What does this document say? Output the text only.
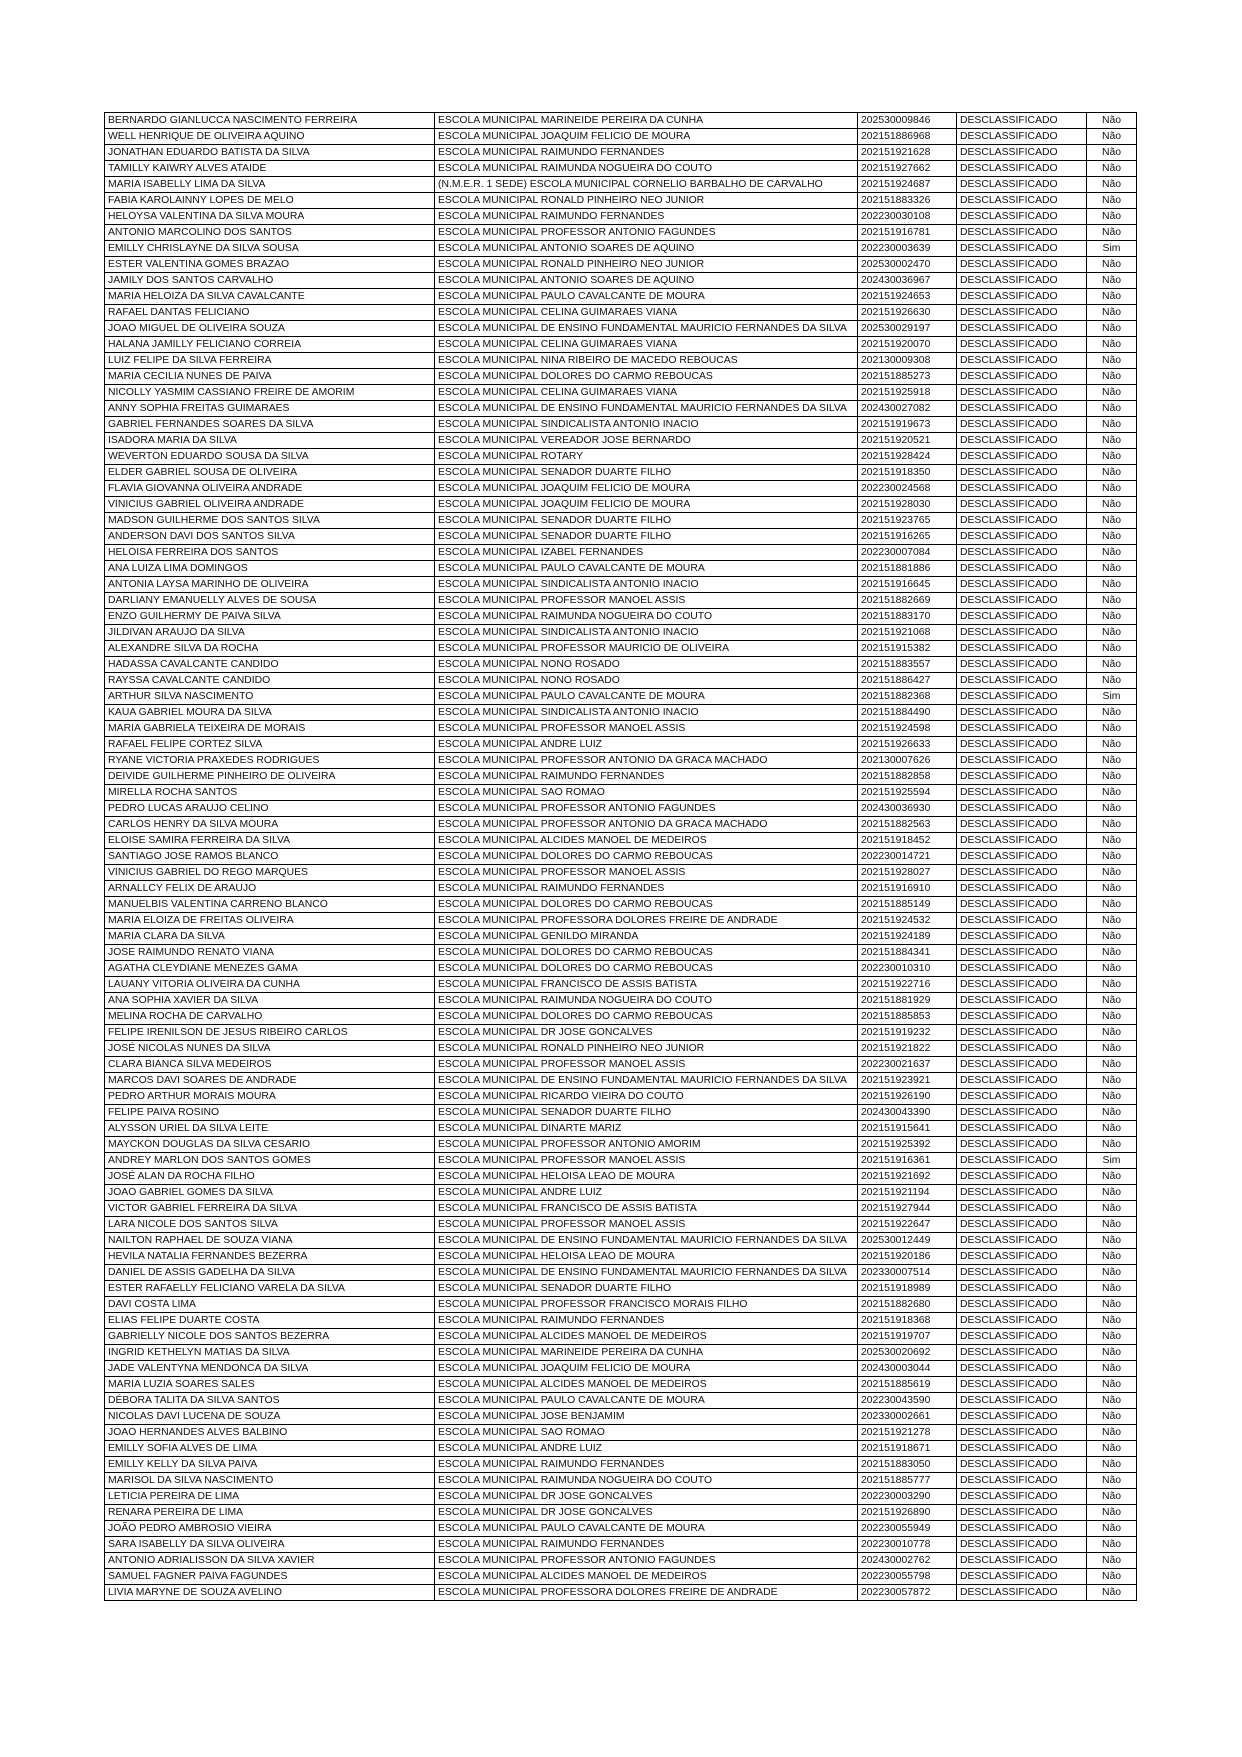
BERNARDO GIANLUCCA NASCIMENTO FERREIRA	ESCOLA MUNICIPAL MARINEIDE PEREIRA DA CUNHA	202530009846	DESCLASSIFICADO	Não
WELL HENRIQUE DE OLIVEIRA AQUINO	ESCOLA MUNICIPAL JOAQUIM FELICIO DE MOURA	202151886968	DESCLASSIFICADO	Não
JONATHAN EDUARDO BATISTA DA SILVA	ESCOLA MUNICIPAL RAIMUNDO FERNANDES	202151921628	DESCLASSIFICADO	Não
TAMILLY KAIWRY ALVES ATAIDE	ESCOLA MUNICIPAL RAIMUNDA NOGUEIRA DO COUTO	202151927662	DESCLASSIFICADO	Não
MARIA ISABELLY LIMA DA SILVA	(N.M.E.R. 1 SEDE) ESCOLA MUNICIPAL CORNELIO BARBALHO DE CARVALHO	202151924687	DESCLASSIFICADO	Não
FABIA KAROLAINNY LOPES DE MELO	ESCOLA MUNICIPAL RONALD PINHEIRO NEO JUNIOR	202151883326	DESCLASSIFICADO	Não
HELOYSA VALENTINA DA SILVA MOURA	ESCOLA MUNICIPAL RAIMUNDO FERNANDES	202230030108	DESCLASSIFICADO	Não
ANTONIO MARCOLINO DOS SANTOS	ESCOLA MUNICIPAL PROFESSOR ANTONIO FAGUNDES	202151916781	DESCLASSIFICADO	Não
EMILLY CHRISLAYNE DA SILVA SOUSA	ESCOLA MUNICIPAL ANTONIO SOARES DE AQUINO	202230003639	DESCLASSIFICADO	Sim
ESTER VALENTINA GOMES BRAZAO	ESCOLA MUNICIPAL RONALD PINHEIRO NEO JUNIOR	202530002470	DESCLASSIFICADO	Não
JAMILY DOS SANTOS CARVALHO	ESCOLA MUNICIPAL ANTONIO SOARES DE AQUINO	202430036967	DESCLASSIFICADO	Não
MARIA HELOIZA DA SILVA CAVALCANTE	ESCOLA MUNICIPAL PAULO CAVALCANTE DE MOURA	202151924653	DESCLASSIFICADO	Não
RAFAEL DANTAS FELICIANO	ESCOLA MUNICIPAL CELINA GUIMARAES VIANA	202151926630	DESCLASSIFICADO	Não
JOAO MIGUEL DE OLIVEIRA SOUZA	ESCOLA MUNICIPAL DE ENSINO FUNDAMENTAL MAURICIO FERNANDES DA SILVA	202530029197	DESCLASSIFICADO	Não
HALANA JAMILLY FELICIANO CORREIA	ESCOLA MUNICIPAL CELINA GUIMARAES VIANA	202151920070	DESCLASSIFICADO	Não
LUIZ FELIPE DA SILVA FERREIRA	ESCOLA MUNICIPAL NINA RIBEIRO DE MACEDO REBOUCAS	202130009308	DESCLASSIFICADO	Não
MARIA CECILIA NUNES DE PAIVA	ESCOLA MUNICIPAL DOLORES DO CARMO REBOUCAS	202151885273	DESCLASSIFICADO	Não
NICOLLY YASMIM CASSIANO FREIRE DE AMORIM	ESCOLA MUNICIPAL CELINA GUIMARAES VIANA	202151925918	DESCLASSIFICADO	Não
ANNY SOPHIA FREITAS GUIMARAES	ESCOLA MUNICIPAL DE ENSINO FUNDAMENTAL MAURICIO FERNANDES DA SILVA	202430027082	DESCLASSIFICADO	Não
GABRIEL FERNANDES SOARES DA SILVA	ESCOLA MUNICIPAL SINDICALISTA ANTONIO INACIO	202151919673	DESCLASSIFICADO	Não
ISADORA MARIA DA SILVA	ESCOLA MUNICIPAL VEREADOR JOSE BERNARDO	202151920521	DESCLASSIFICADO	Não
WEVERTON EDUARDO SOUSA DA SILVA	ESCOLA MUNICIPAL ROTARY	202151928424	DESCLASSIFICADO	Não
ELDER GABRIEL SOUSA DE OLIVEIRA	ESCOLA MUNICIPAL SENADOR DUARTE FILHO	202151918350	DESCLASSIFICADO	Não
FLAVIA GIOVANNA OLIVEIRA ANDRADE	ESCOLA MUNICIPAL JOAQUIM FELICIO DE MOURA	202230024568	DESCLASSIFICADO	Não
VINICIUS GABRIEL OLIVEIRA ANDRADE	ESCOLA MUNICIPAL JOAQUIM FELICIO DE MOURA	202151928030	DESCLASSIFICADO	Não
MADSON GUILHERME DOS SANTOS SILVA	ESCOLA MUNICIPAL SENADOR DUARTE FILHO	202151923765	DESCLASSIFICADO	Não
ANDERSON DAVI DOS SANTOS SILVA	ESCOLA MUNICIPAL SENADOR DUARTE FILHO	202151916265	DESCLASSIFICADO	Não
HELOISA FERREIRA DOS SANTOS	ESCOLA MUNICIPAL IZABEL FERNANDES	202230007084	DESCLASSIFICADO	Não
ANA LUIZA LIMA DOMINGOS	ESCOLA MUNICIPAL PAULO CAVALCANTE DE MOURA	202151881886	DESCLASSIFICADO	Não
ANTONIA LAYSA MARINHO DE OLIVEIRA	ESCOLA MUNICIPAL SINDICALISTA ANTONIO INACIO	202151916645	DESCLASSIFICADO	Não
DARLIANY EMANUELLY ALVES DE SOUSA	ESCOLA MUNICIPAL PROFESSOR MANOEL ASSIS	202151882669	DESCLASSIFICADO	Não
ENZO GUILHERMY DE PAIVA SILVA	ESCOLA MUNICIPAL RAIMUNDA NOGUEIRA DO COUTO	202151883170	DESCLASSIFICADO	Não
JILDIVAN ARAUJO DA SILVA	ESCOLA MUNICIPAL SINDICALISTA ANTONIO INACIO	202151921068	DESCLASSIFICADO	Não
ALEXANDRE SILVA DA ROCHA	ESCOLA MUNICIPAL PROFESSOR MAURICIO DE OLIVEIRA	202151915382	DESCLASSIFICADO	Não
HADASSA CAVALCANTE CANDIDO	ESCOLA MUNICIPAL NONO ROSADO	202151883557	DESCLASSIFICADO	Não
RAYSSA CAVALCANTE CANDIDO	ESCOLA MUNICIPAL NONO ROSADO	202151886427	DESCLASSIFICADO	Não
ARTHUR SILVA NASCIMENTO	ESCOLA MUNICIPAL PAULO CAVALCANTE DE MOURA	202151882368	DESCLASSIFICADO	Sim
KAUA GABRIEL MOURA DA SILVA	ESCOLA MUNICIPAL SINDICALISTA ANTONIO INACIO	202151884490	DESCLASSIFICADO	Não
MARIA GABRIELA TEIXEIRA DE MORAIS	ESCOLA MUNICIPAL PROFESSOR MANOEL ASSIS	202151924598	DESCLASSIFICADO	Não
RAFAEL FELIPE CORTEZ SILVA	ESCOLA MUNICIPAL ANDRE LUIZ	202151926633	DESCLASSIFICADO	Não
RYANE VICTORIA PRAXEDES RODRIGUES	ESCOLA MUNICIPAL PROFESSOR ANTONIO DA GRACA MACHADO	202130007626	DESCLASSIFICADO	Não
DEIVIDE GUILHERME PINHEIRO DE OLIVEIRA	ESCOLA MUNICIPAL RAIMUNDO FERNANDES	202151882858	DESCLASSIFICADO	Não
MIRELLA ROCHA SANTOS	ESCOLA MUNICIPAL SAO ROMAO	202151925594	DESCLASSIFICADO	Não
PEDRO LUCAS ARAUJO CELINO	ESCOLA MUNICIPAL PROFESSOR ANTONIO FAGUNDES	202430036930	DESCLASSIFICADO	Não
CARLOS HENRY DA SILVA MOURA	ESCOLA MUNICIPAL PROFESSOR ANTONIO DA GRACA MACHADO	202151882563	DESCLASSIFICADO	Não
ELOISE SAMIRA FERREIRA DA SILVA	ESCOLA MUNICIPAL ALCIDES MANOEL DE MEDEIROS	202151918452	DESCLASSIFICADO	Não
SANTIAGO JOSE RAMOS BLANCO	ESCOLA MUNICIPAL DOLORES DO CARMO REBOUCAS	202230014721	DESCLASSIFICADO	Não
VINICIUS GABRIEL DO REGO MARQUES	ESCOLA MUNICIPAL PROFESSOR MANOEL ASSIS	202151928027	DESCLASSIFICADO	Não
ARNALLCY FELIX DE ARAUJO	ESCOLA MUNICIPAL RAIMUNDO FERNANDES	202151916910	DESCLASSIFICADO	Não
MANUELBIS VALENTINA CARRENO BLANCO	ESCOLA MUNICIPAL DOLORES DO CARMO REBOUCAS	202151885149	DESCLASSIFICADO	Não
MARIA ELOIZA DE FREITAS OLIVEIRA	ESCOLA MUNICIPAL PROFESSORA DOLORES FREIRE DE ANDRADE	202151924532	DESCLASSIFICADO	Não
MARIA CLARA DA SILVA	ESCOLA MUNICIPAL GENILDO MIRANDA	202151924189	DESCLASSIFICADO	Não
JOSE RAIMUNDO RENATO VIANA	ESCOLA MUNICIPAL DOLORES DO CARMO REBOUCAS	202151884341	DESCLASSIFICADO	Não
AGATHA CLEYDIANE MENEZES GAMA	ESCOLA MUNICIPAL DOLORES DO CARMO REBOUCAS	202230010310	DESCLASSIFICADO	Não
LAUANY VITORIA OLIVEIRA DA CUNHA	ESCOLA MUNICIPAL FRANCISCO DE ASSIS BATISTA	202151922716	DESCLASSIFICADO	Não
ANA SOPHIA XAVIER DA SILVA	ESCOLA MUNICIPAL RAIMUNDA NOGUEIRA DO COUTO	202151881929	DESCLASSIFICADO	Não
MELINA ROCHA DE CARVALHO	ESCOLA MUNICIPAL DOLORES DO CARMO REBOUCAS	202151885853	DESCLASSIFICADO	Não
FELIPE IRENILSON DE JESUS RIBEIRO CARLOS	ESCOLA MUNICIPAL DR JOSE GONCALVES	202151919232	DESCLASSIFICADO	Não
JOSÉ NICOLAS NUNES DA SILVA	ESCOLA MUNICIPAL RONALD PINHEIRO NEO JUNIOR	202151921822	DESCLASSIFICADO	Não
CLARA BIANCA SILVA MEDEIROS	ESCOLA MUNICIPAL PROFESSOR MANOEL ASSIS	202230021637	DESCLASSIFICADO	Não
MARCOS DAVI SOARES DE ANDRADE	ESCOLA MUNICIPAL DE ENSINO FUNDAMENTAL MAURICIO FERNANDES DA SILVA	202151923921	DESCLASSIFICADO	Não
PEDRO ARTHUR MORAIS MOURA	ESCOLA MUNICIPAL RICARDO VIEIRA DO COUTO	202151926190	DESCLASSIFICADO	Não
FELIPE PAIVA ROSINO	ESCOLA MUNICIPAL SENADOR DUARTE FILHO	202430043390	DESCLASSIFICADO	Não
ALYSSON URIEL DA SILVA LEITE	ESCOLA MUNICIPAL DINARTE MARIZ	202151915641	DESCLASSIFICADO	Não
MAYCKON DOUGLAS DA SILVA CESARIO	ESCOLA MUNICIPAL PROFESSOR ANTONIO AMORIM	202151925392	DESCLASSIFICADO	Não
ANDREY MARLON DOS SANTOS GOMES	ESCOLA MUNICIPAL PROFESSOR MANOEL ASSIS	202151916361	DESCLASSIFICADO	Sim
JOSÉ ALAN DA ROCHA FILHO	ESCOLA MUNICIPAL HELOISA LEAO DE MOURA	202151921692	DESCLASSIFICADO	Não
JOAO GABRIEL GOMES DA SILVA	ESCOLA MUNICIPAL ANDRE LUIZ	202151921194	DESCLASSIFICADO	Não
VICTOR GABRIEL FERREIRA DA SILVA	ESCOLA MUNICIPAL FRANCISCO DE ASSIS BATISTA	202151927944	DESCLASSIFICADO	Não
LARA NICOLE DOS SANTOS SILVA	ESCOLA MUNICIPAL PROFESSOR MANOEL ASSIS	202151922647	DESCLASSIFICADO	Não
NAILTON RAPHAEL DE SOUZA VIANA	ESCOLA MUNICIPAL DE ENSINO FUNDAMENTAL MAURICIO FERNANDES DA SILVA	202530012449	DESCLASSIFICADO	Não
HEVILA NATALIA FERNANDES BEZERRA	ESCOLA MUNICIPAL HELOISA LEAO DE MOURA	202151920186	DESCLASSIFICADO	Não
DANIEL DE ASSIS GADELHA DA SILVA	ESCOLA MUNICIPAL DE ENSINO FUNDAMENTAL MAURICIO FERNANDES DA SILVA	202330007514	DESCLASSIFICADO	Não
ESTER RAFAELLY FELICIANO VARELA DA SILVA	ESCOLA MUNICIPAL SENADOR DUARTE FILHO	202151918989	DESCLASSIFICADO	Não
DAVI COSTA LIMA	ESCOLA MUNICIPAL PROFESSOR FRANCISCO MORAIS FILHO	202151882680	DESCLASSIFICADO	Não
ELIAS FELIPE DUARTE COSTA	ESCOLA MUNICIPAL RAIMUNDO FERNANDES	202151918368	DESCLASSIFICADO	Não
GABRIELLY NICOLE DOS SANTOS BEZERRA	ESCOLA MUNICIPAL ALCIDES MANOEL DE MEDEIROS	202151919707	DESCLASSIFICADO	Não
INGRID KETHELYN MATIAS DA SILVA	ESCOLA MUNICIPAL MARINEIDE PEREIRA DA CUNHA	202530020692	DESCLASSIFICADO	Não
JADE VALENTYNA MENDONCA DA SILVA	ESCOLA MUNICIPAL JOAQUIM FELICIO DE MOURA	202430003044	DESCLASSIFICADO	Não
MARIA LUZIA SOARES SALES	ESCOLA MUNICIPAL ALCIDES MANOEL DE MEDEIROS	202151885619	DESCLASSIFICADO	Não
DÉBORA TALITA DA SILVA SANTOS	ESCOLA MUNICIPAL PAULO CAVALCANTE DE MOURA	202230043590	DESCLASSIFICADO	Não
NICOLAS DAVI LUCENA DE SOUZA	ESCOLA MUNICIPAL JOSE BENJAMIM	202330002661	DESCLASSIFICADO	Não
JOAO HERNANDES ALVES BALBINO	ESCOLA MUNICIPAL SAO ROMAO	202151921278	DESCLASSIFICADO	Não
EMILLY SOFIA ALVES DE LIMA	ESCOLA MUNICIPAL ANDRE LUIZ	202151918671	DESCLASSIFICADO	Não
EMILLY KELLY DA SILVA PAIVA	ESCOLA MUNICIPAL RAIMUNDO FERNANDES	202151883050	DESCLASSIFICADO	Não
MARISOL DA SILVA NASCIMENTO	ESCOLA MUNICIPAL RAIMUNDA NOGUEIRA DO COUTO	202151885777	DESCLASSIFICADO	Não
LETICIA PEREIRA DE LIMA	ESCOLA MUNICIPAL DR JOSE GONCALVES	202230003290	DESCLASSIFICADO	Não
RENARA PEREIRA DE LIMA	ESCOLA MUNICIPAL DR JOSE GONCALVES	202151926890	DESCLASSIFICADO	Não
JOÃO PEDRO AMBROSIO VIEIRA	ESCOLA MUNICIPAL PAULO CAVALCANTE DE MOURA	202230055949	DESCLASSIFICADO	Não
SARA ISABELLY DA SILVA OLIVEIRA	ESCOLA MUNICIPAL RAIMUNDO FERNANDES	202230010778	DESCLASSIFICADO	Não
ANTONIO ADRIALISSON DA SILVA XAVIER	ESCOLA MUNICIPAL PROFESSOR ANTONIO FAGUNDES	202430002762	DESCLASSIFICADO	Não
SAMUEL FAGNER PAIVA FAGUNDES	ESCOLA MUNICIPAL ALCIDES MANOEL DE MEDEIROS	202230055798	DESCLASSIFICADO	Não
LIVIA MARYNE DE SOUZA AVELINO	ESCOLA MUNICIPAL PROFESSORA DOLORES FREIRE DE ANDRADE	202230057872	DESCLASSIFICADO	Não
